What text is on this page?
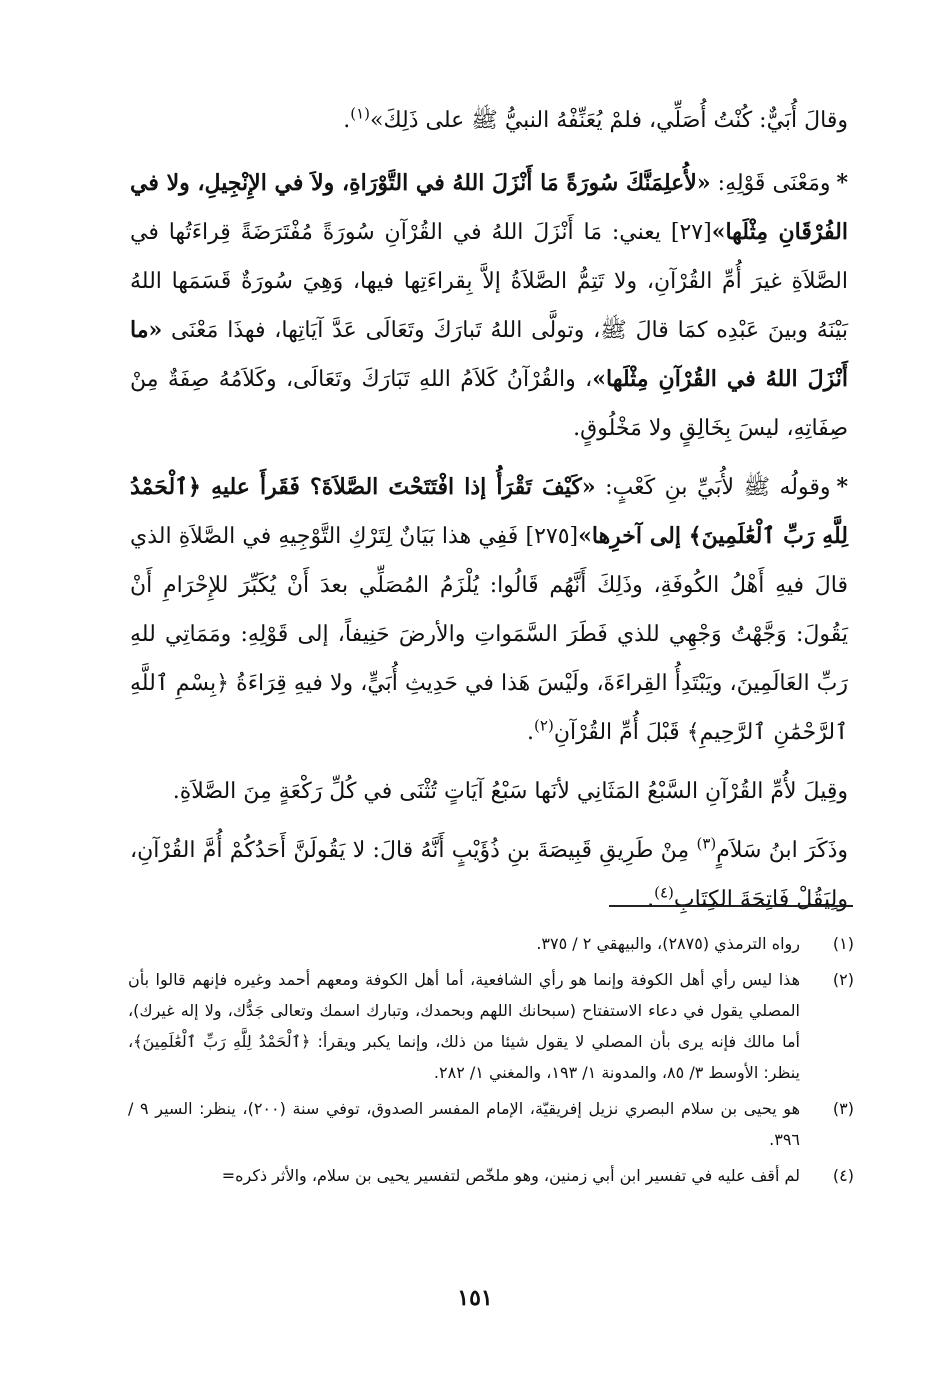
وقالَ أُبَيٌّ: كُنْتُ أُصَلِّي، فلمْ يُعَنِّفْهُ النبيُّ ﷺ على ذَلِكَ»$^{(١)}$.

*ومَعْنَى قَوْلِهِ: «لأُعلِمَنَّكَ سُورَةً مَا أَنْزَلَ اللهُ في التَّوْرَاةِ، ولاَ في الإِنْجِيلِ، ولا في الفُرْقَانِ مِثْلَها»[٢٧] يعني: مَا أَنْزَلَ اللهُ في القُرْآنِ سُورَةً مُفْتَرَضَةً قِراءَتُها في الصَّلاَةِ غيرَ أُمِّ القُرْآنِ، ولا تَتِمُّ الصَّلاَةُ إلاَّ بِقراءَتِها فيها، وَهِيَ سُورَةٌ قَسَمَها اللهُ بَيْنَهُ وبينَ عَبْدِه كمَا قالَ ﷺ، وتولَّى اللهُ تَبارَكَ وتَعَالَى عَدَّ آيَاتِها، فهذَا مَعْنَى «ما أَنْزَلَ اللهُ في القُرْآنِ مِثْلَها»، والقُرْآنُ كَلاَمُ اللهِ تَبَارَكَ وتَعَالَى، وكَلاَمُهُ صِفَةٌ مِنْ صِفَاتِهِ، ليسَ بِخَالِقٍ ولا مَخْلُوقٍ.

*وقولُه ﷺ لأُبَيِّ بنِ كَعْبٍ: «كَيْفَ تَقْرَأُ إذا افْتَتَحْتَ الصَّلاَةَ؟ فَقَرأَ عليهِ ﴿ٱلْحَمْدُ لِلَّهِ رَبِّ ٱلْعَٰلَمِينَ﴾ إلى آخرِها»[٢٧٥] فَفِي هذا بَيَانٌ لِتَرْكِ التَّوْجِيهِ في الصَّلاَةِ الذي قالَ فيهِ أَهْلُ الكُوفَةِ، وذَلِكَ أَنَّهُم قَالُوا: يُلْزَمُ المُصَلِّي بعدَ أَنْ يُكَبِّرَ للإِحْرَامِ أَنْ يَقُولَ: وَجَّهْتُ وَجْهِي للذي فَطَرَ السَّمَواتِ والأرضَ حَنِيفاً، إلى قَوْلِهِ: ومَمَاتِي للهِ رَبِّ العَالَمِينَ، ويَبْتَدِأُ القِراءَةَ، ولَيْسَ هَذا في حَدِيثِ أُبَيٍّ، ولا فيهِ قِرَاءَةُ ﴿بِسْمِ ٱللَّهِ ٱلرَّحْمَٰنِ ٱلرَّحِيمِ﴾ قَبْلَ أُمِّ القُرْآنِ$^{(٢)}$.

وقِيلَ لأُمِّ القُرْآنِ السَّبْعُ المَثَانِي لأنَها سَبْعُ آيَاتٍ تُثْنَى في كُلِّ رَكْعَةٍ مِنَ الصَّلاَةِ.

وذَكَرَ ابنُ سَلاَمٍ$^{(٣)}$ مِنْ طَرِيقِ قَبِيصَةَ بنِ ذُؤَيْبٍ أَنَّهُ قالَ: لا يَقُولَنَّ أَحَدُكُمْ أُمَّ القُرْآنِ، ولِيَقُلْ فَاتِحَةَ الكِتَابِ$^{(٤)}$.

(١)
رواه الترمذي (٢٨٧٥)، والبيهقي ٢ / ٣٧٥.
(٢)
هذا ليس رأي أهل الكوفة وإنما هو رأي الشافعية، أما أهل الكوفة ومعهم أحمد وغيره فإنهم قالوا بأن المصلي يقول في دعاء الاستفتاح (سبحانك اللهم وبحمدك، وتبارك اسمك وتعالى جَدُّك، ولا إله غيرك)، أما مالك فإنه يرى بأن المصلي لا يقول شيئا من ذلك، وإنما يكبر ويقرأ: ﴿ٱلْحَمْدُ لِلَّهِ رَبِّ ٱلْعَٰلَمِينَ﴾، ينظر: الأوسط ٣/ ٨٥، والمدونة ١/ ١٩٣، والمغني ١/ ٢٨٢.
(٣)
هو يحيى بن سلام البصري نزيل إفريقيّة، الإمام المفسر الصدوق، توفي سنة (٢٠٠)، ينظر: السير ٩ / ٣٩٦.
(٤)
لم أقف عليه في تفسير ابن أبي زمنين، وهو ملخّص لتفسير يحيى بن سلام، والأثر ذكره=
١٥١
